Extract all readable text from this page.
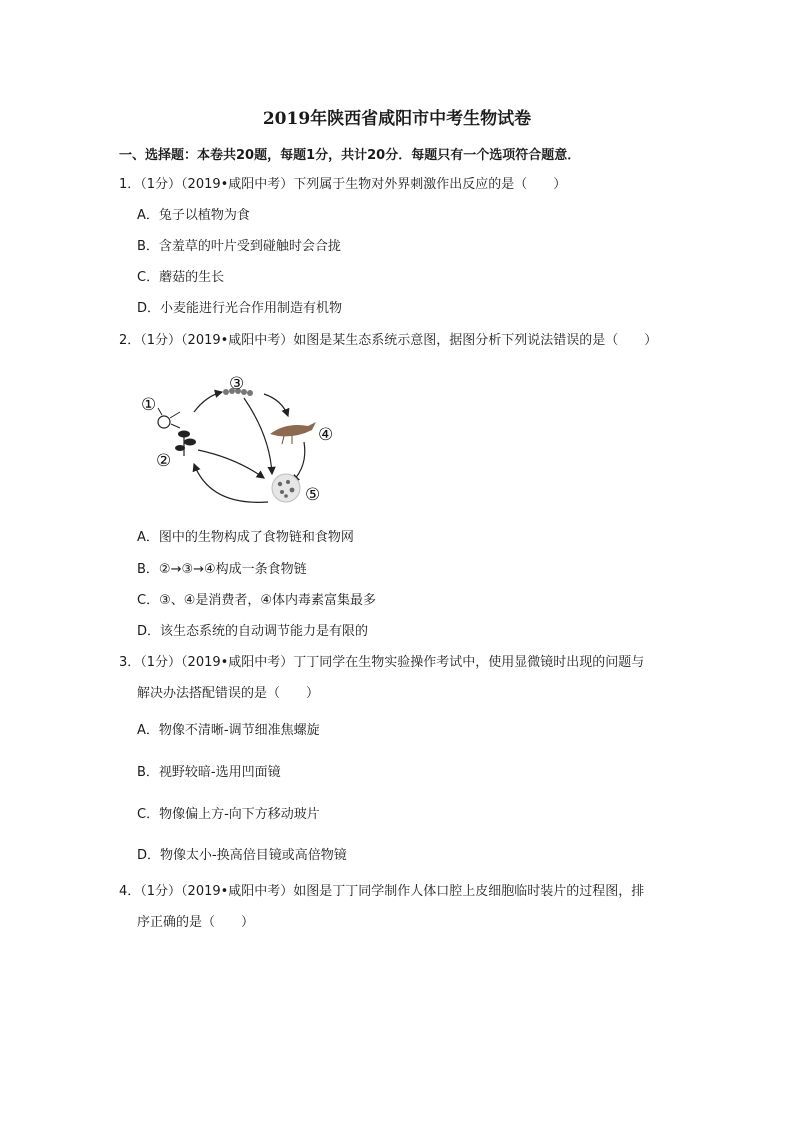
2019年陕西省咸阳市中考生物试卷
一、选择题：本卷共20题，每题1分，共计20分．每题只有一个选项符合题意．
1．（1分）（2019•咸阳中考）下列属于生物对外界刺激作出反应的是（　　）
A．兔子以植物为食
B．含羞草的叶片受到碰触时会合拢
C．蘑菇的生长
D．小麦能进行光合作用制造有机物
2．（1分）（2019•咸阳中考）如图是某生态系统示意图，据图分析下列说法错误的是（　　）
①
②
③
④
⑤
A．图中的生物构成了食物链和食物网
B．②→③→④构成一条食物链
C．③、④是消费者，④体内毒素富集最多
D．该生态系统的自动调节能力是有限的
3．（1分）（2019•咸阳中考）丁丁同学在生物实验操作考试中，使用显微镜时出现的问题与
解决办法搭配错误的是（　　）
A．物像不清晰-调节细准焦螺旋
B．视野较暗-选用凹面镜
C．物像偏上方-向下方移动玻片
D．物像太小-换高倍目镜或高倍物镜
4．（1分）（2019•咸阳中考）如图是丁丁同学制作人体口腔上皮细胞临时装片的过程图，排
序正确的是（　　）
